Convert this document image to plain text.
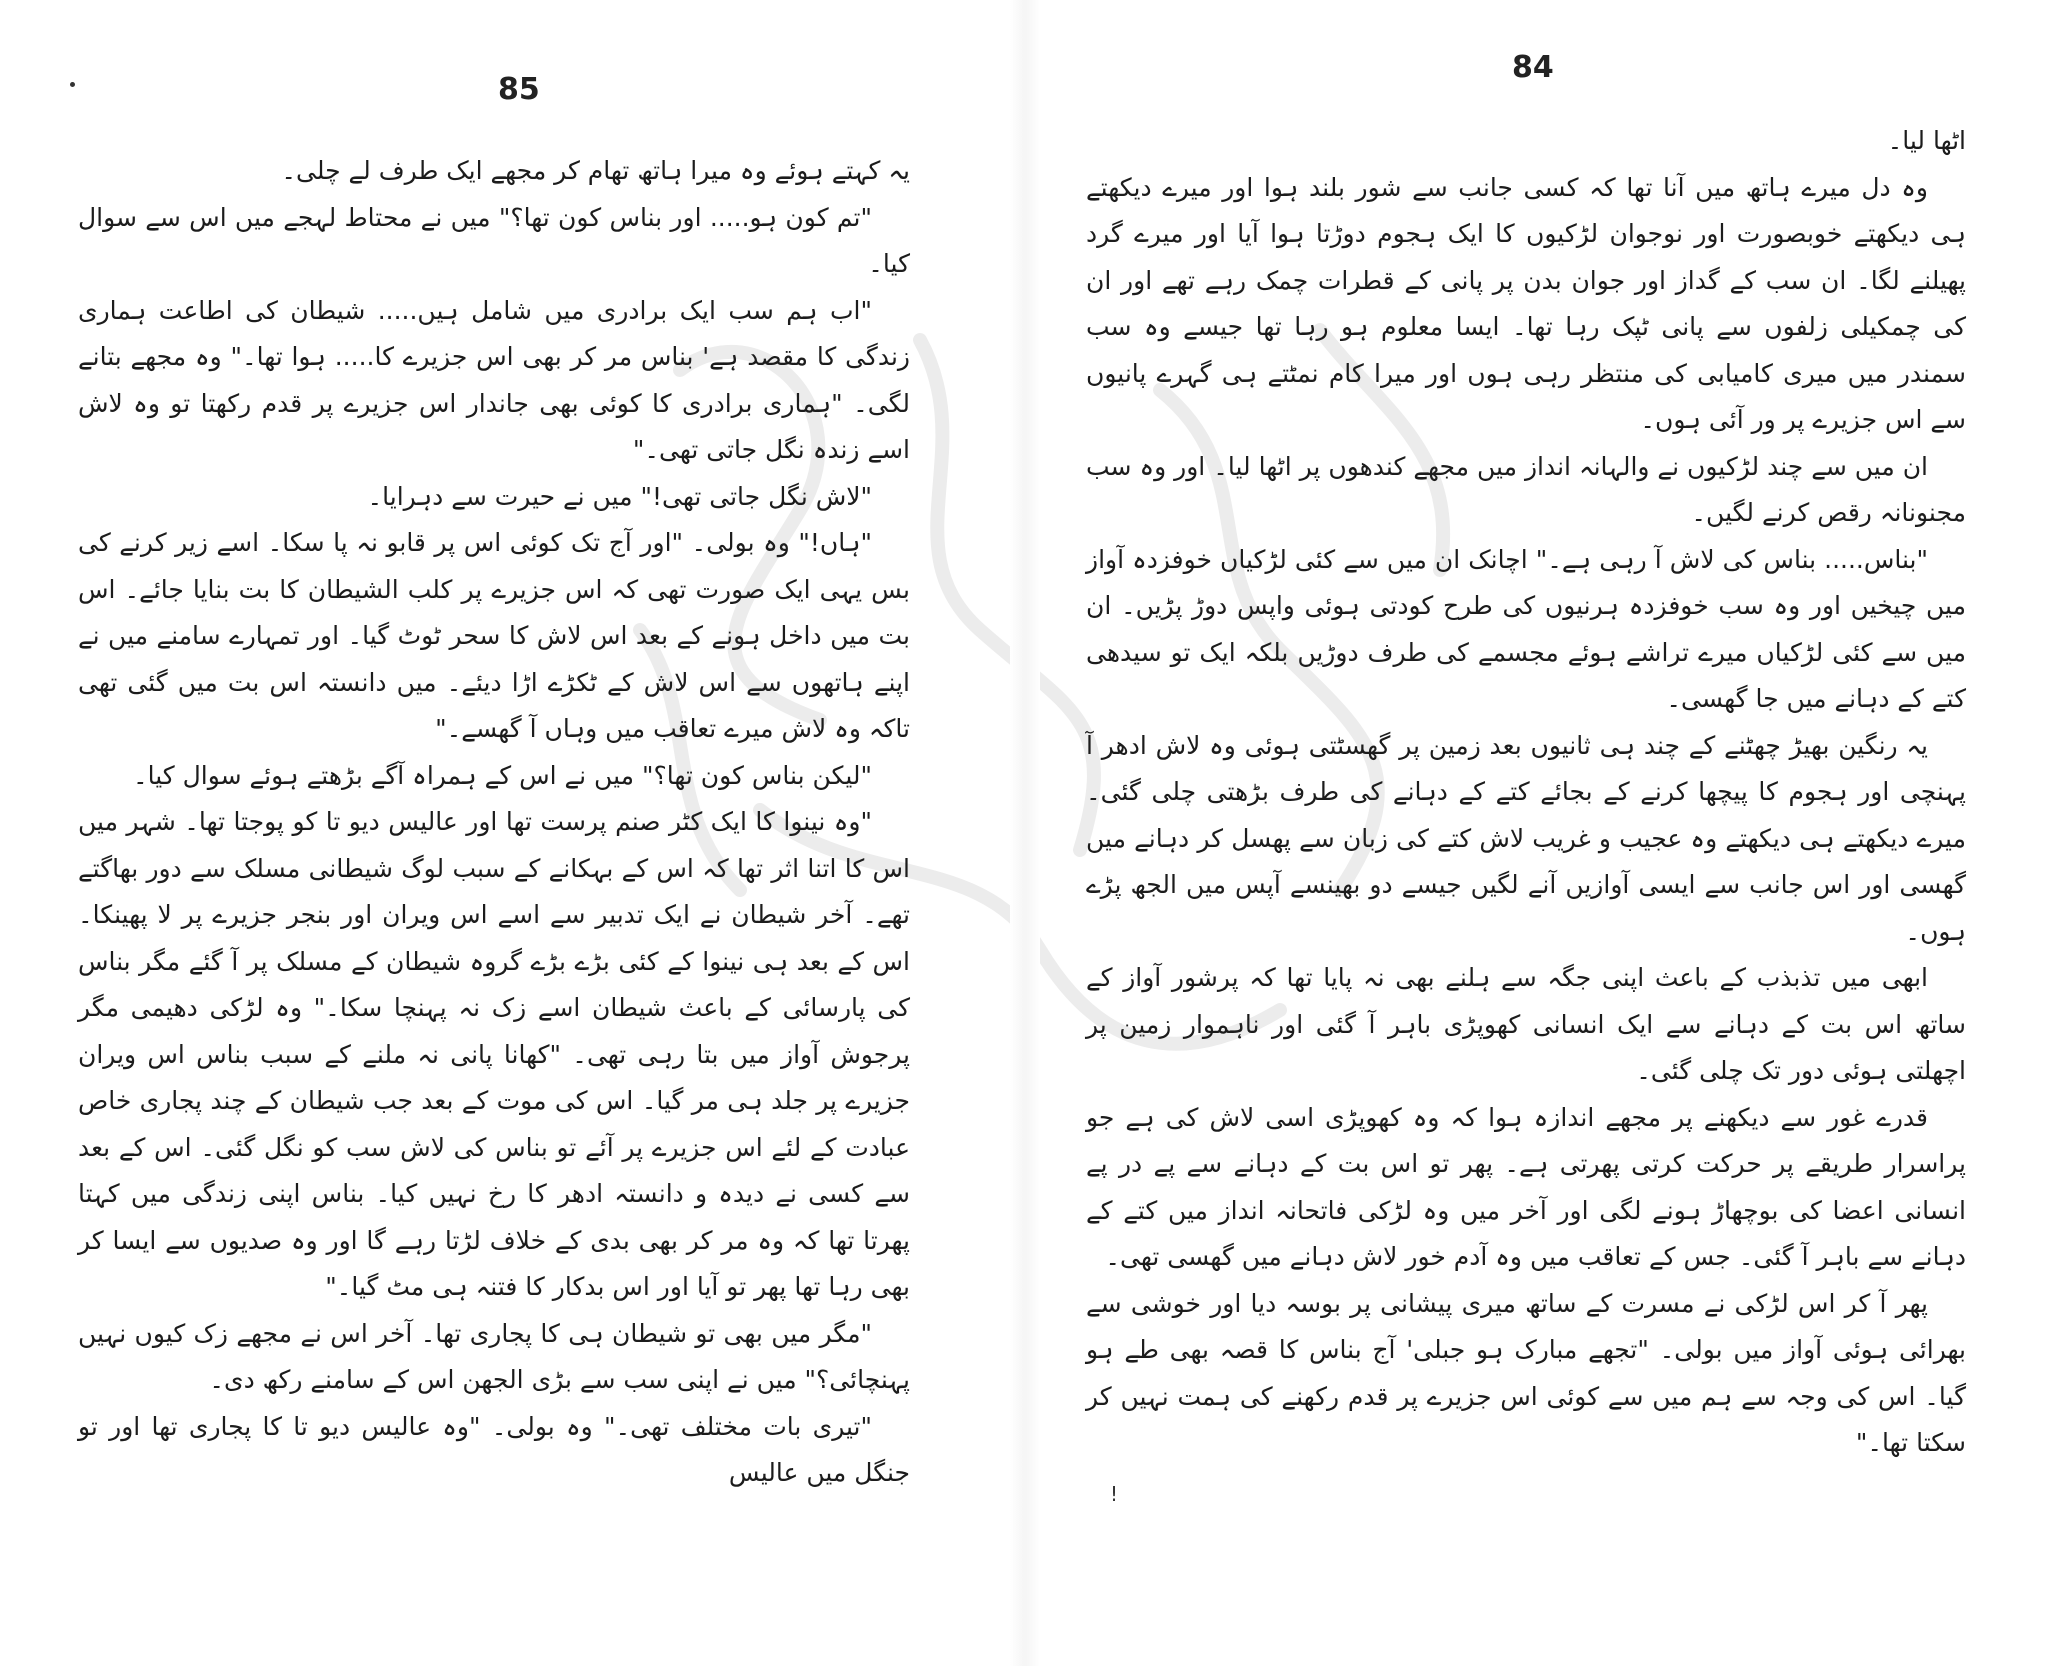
85

یہ کہتے ہوئے وہ میرا ہاتھ تھام کر مجھے ایک طرف لے چلی۔

"تم کون ہو..... اور بناس کون تھا؟" میں نے محتاط لہجے میں اس سے سوال کیا۔

"اب ہم سب ایک برادری میں شامل ہیں..... شیطان کی اطاعت ہماری زندگی کا مقصد ہے' بناس مر کر بھی اس جزیرے کا..... ہوا تھا۔" وہ مجھے بتانے لگی۔ "ہماری برادری کا کوئی بھی جاندار اس جزیرے پر قدم رکھتا تو وہ لاش اسے زندہ نگل جاتی تھی۔"

"لاش نگل جاتی تھی!" میں نے حیرت سے دہرایا۔

"ہاں!" وہ بولی۔ "اور آج تک کوئی اس پر قابو نہ پا سکا۔ اسے زیر کرنے کی بس یہی ایک صورت تھی کہ اس جزیرے پر کلب الشیطان کا بت بنایا جائے۔ اس بت میں داخل ہونے کے بعد اس لاش کا سحر ٹوٹ گیا۔ اور تمہارے سامنے میں نے اپنے ہاتھوں سے اس لاش کے ٹکڑے اڑا دیئے۔ میں دانستہ اس بت میں گئی تھی تاکہ وہ لاش میرے تعاقب میں وہاں آ گھسے۔"

"لیکن بناس کون تھا؟" میں نے اس کے ہمراہ آگے بڑھتے ہوئے سوال کیا۔

"وہ نینوا کا ایک کٹر صنم پرست تھا اور عالیس دیو تا کو پوجتا تھا۔ شہر میں اس کا اتنا اثر تھا کہ اس کے بہکانے کے سبب لوگ شیطانی مسلک سے دور بھاگتے تھے۔ آخر شیطان نے ایک تدبیر سے اسے اس ویران اور بنجر جزیرے پر لا پھینکا۔ اس کے بعد ہی نینوا کے کئی بڑے بڑے گروہ شیطان کے مسلک پر آ گئے مگر بناس کی پارسائی کے باعث شیطان اسے زک نہ پہنچا سکا۔" وہ لڑکی دھیمی مگر پرجوش آواز میں بتا رہی تھی۔ "کھانا پانی نہ ملنے کے سبب بناس اس ویران جزیرے پر جلد ہی مر گیا۔ اس کی موت کے بعد جب شیطان کے چند پجاری خاص عبادت کے لئے اس جزیرے پر آئے تو بناس کی لاش سب کو نگل گئی۔ اس کے بعد سے کسی نے دیدہ و دانستہ ادھر کا رخ نہیں کیا۔ بناس اپنی زندگی میں کہتا پھرتا تھا کہ وہ مر کر بھی بدی کے خلاف لڑتا رہے گا اور وہ صدیوں سے ایسا کر بھی رہا تھا پھر تو آیا اور اس بدکار کا فتنہ ہی مٹ گیا۔"

"مگر میں بھی تو شیطان ہی کا پجاری تھا۔ آخر اس نے مجھے زک کیوں نہیں پہنچائی؟" میں نے اپنی سب سے بڑی الجھن اس کے سامنے رکھ دی۔

"تیری بات مختلف تھی۔" وہ بولی۔ "وہ عالیس دیو تا کا پجاری تھا اور تو جنگل میں عالیس

84

اٹھا لیا۔

وہ دل میرے ہاتھ میں آنا تھا کہ کسی جانب سے شور بلند ہوا اور میرے دیکھتے ہی دیکھتے خوبصورت اور نوجوان لڑکیوں کا ایک ہجوم دوڑتا ہوا آیا اور میرے گرد پھیلنے لگا۔ ان سب کے گداز اور جوان بدن پر پانی کے قطرات چمک رہے تھے اور ان کی چمکیلی زلفوں سے پانی ٹپک رہا تھا۔ ایسا معلوم ہو رہا تھا جیسے وہ سب سمندر میں میری کامیابی کی منتظر رہی ہوں اور میرا کام نمٹتے ہی گہرے پانیوں سے اس جزیرے پر ور آئی ہوں۔

ان میں سے چند لڑکیوں نے والہانہ انداز میں مجھے کندھوں پر اٹھا لیا۔ اور وہ سب مجنونانہ رقص کرنے لگیں۔

"بناس..... بناس کی لاش آ رہی ہے۔" اچانک ان میں سے کئی لڑکیاں خوفزدہ آواز میں چیخیں اور وہ سب خوفزدہ ہرنیوں کی طرح کودتی ہوئی واپس دوڑ پڑیں۔ ان میں سے کئی لڑکیاں میرے تراشے ہوئے مجسمے کی طرف دوڑیں بلکہ ایک تو سیدھی کتے کے دہانے میں جا گھسی۔

یہ رنگین بھیڑ چھٹنے کے چند ہی ثانیوں بعد زمین پر گھسٹتی ہوئی وہ لاش ادھر آ پہنچی اور ہجوم کا پیچھا کرنے کے بجائے کتے کے دہانے کی طرف بڑھتی چلی گئی۔ میرے دیکھتے ہی دیکھتے وہ عجیب و غریب لاش کتے کی زبان سے پھسل کر دہانے میں گھسی اور اس جانب سے ایسی آوازیں آنے لگیں جیسے دو بھینسے آپس میں الجھ پڑے ہوں۔

ابھی میں تذبذب کے باعث اپنی جگہ سے ہلنے بھی نہ پایا تھا کہ پرشور آواز کے ساتھ اس بت کے دہانے سے ایک انسانی کھوپڑی باہر آ گئی اور ناہموار زمین پر اچھلتی ہوئی دور تک چلی گئی۔

قدرے غور سے دیکھنے پر مجھے اندازہ ہوا کہ وہ کھوپڑی اسی لاش کی ہے جو پراسرار طریقے پر حرکت کرتی پھرتی ہے۔ پھر تو اس بت کے دہانے سے پے در پے انسانی اعضا کی بوچھاڑ ہونے لگی اور آخر میں وہ لڑکی فاتحانہ انداز میں کتے کے دہانے سے باہر آ گئی۔ جس کے تعاقب میں وہ آدم خور لاش دہانے میں گھسی تھی۔

پھر آ کر اس لڑکی نے مسرت کے ساتھ میری پیشانی پر بوسہ دیا اور خوشی سے بھرائی ہوئی آواز میں بولی۔ "تجھے مبارک ہو جبلی' آج بناس کا قصہ بھی طے ہو گیا۔ اس کی وجہ سے ہم میں سے کوئی اس جزیرے پر قدم رکھنے کی ہمت نہیں کر سکتا تھا۔"

!
